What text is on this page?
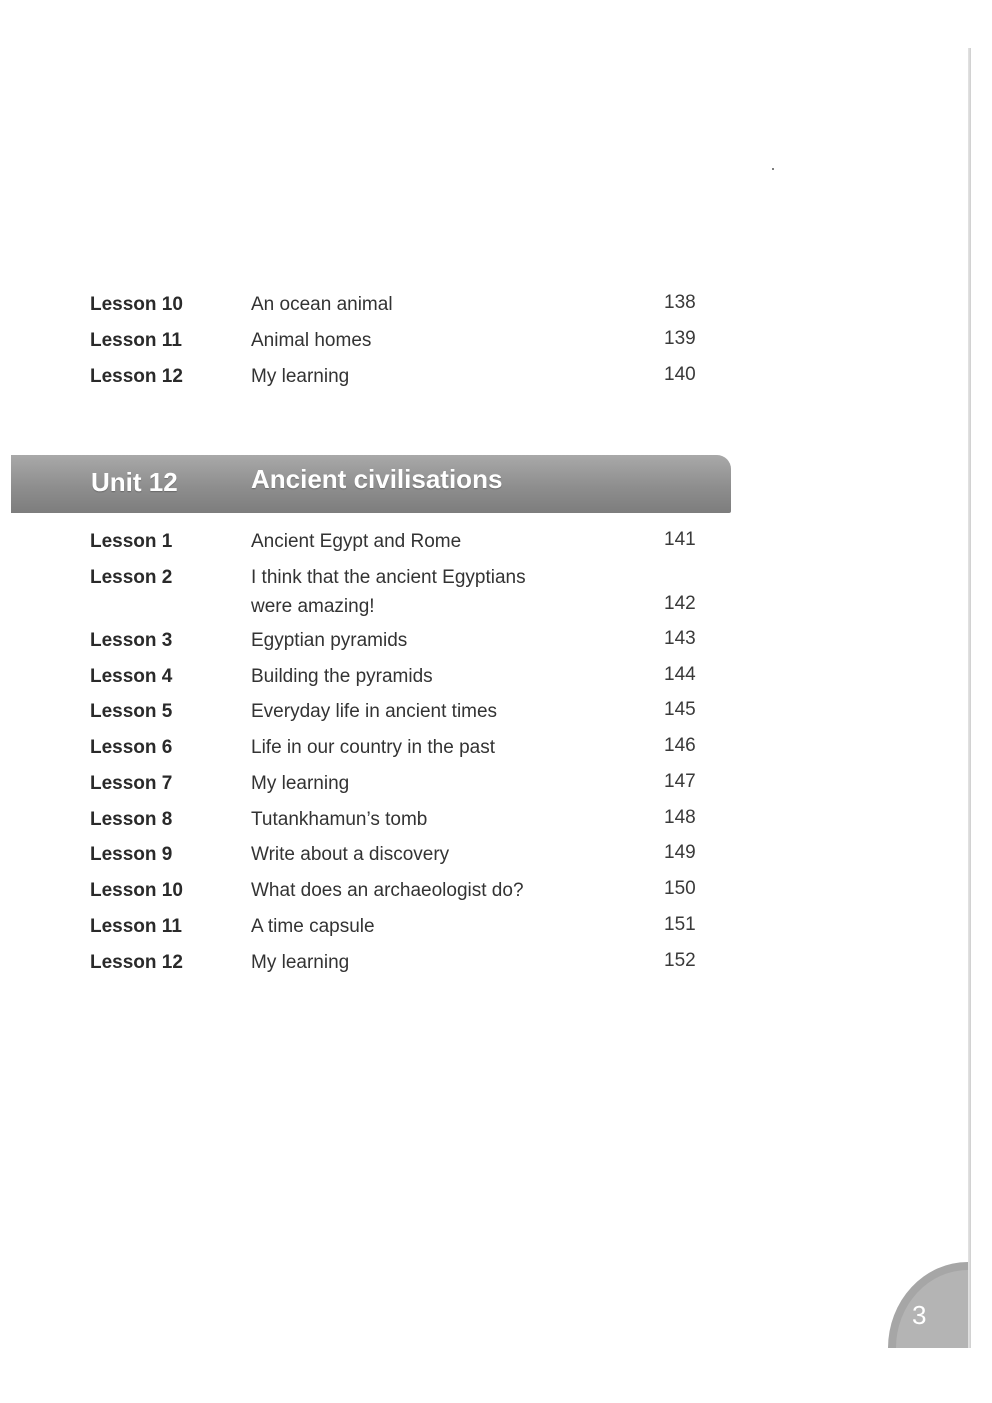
Lesson 10	An ocean animal	138
Lesson 11	Animal homes	139
Lesson 12	My learning	140
Unit 12	Ancient civilisations
Lesson 1	Ancient Egypt and Rome	141
Lesson 2	I think that the ancient Egyptians
were amazing!	142
Lesson 3	Egyptian pyramids	143
Lesson 4	Building the pyramids	144
Lesson 5	Everyday life in ancient times	145
Lesson 6	Life in our country in the past	146
Lesson 7	My learning	147
Lesson 8	Tutankhamun’s tomb	148
Lesson 9	Write about a discovery	149
Lesson 10	What does an archaeologist do?	150
Lesson 11	A time capsule	151
Lesson 12	My learning	152
3
